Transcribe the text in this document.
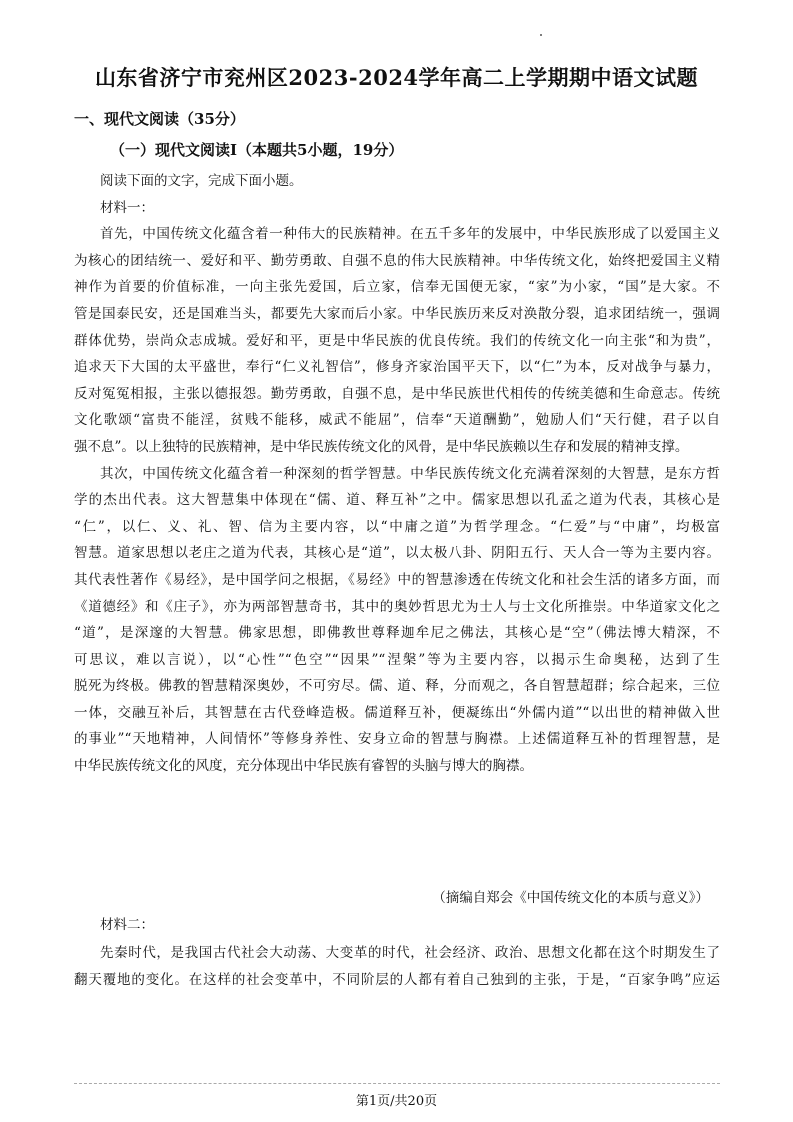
山东省济宁市兖州区2023-2024学年高二上学期期中语文试题
一、现代文阅读（35分）
（一）现代文阅读Ⅰ（本题共5小题，19分）
阅读下面的文字，完成下面小题。
材料一：
首先，中国传统文化蕴含着一种伟大的民族精神。在五千多年的发展中，中华民族形成了以爱国主义
为核心的团结统一、爱好和平、勤劳勇敢、自强不息的伟大民族精神。中华传统文化，始终把爱国主义精
神作为首要的价值标准，一向主张先爱国，后立家，信奉无国便无家，“家”为小家，“国”是大家。不
管是国泰民安，还是国难当头，都要先大家而后小家。中华民族历来反对涣散分裂，追求团结统一，强调
群体优势，崇尚众志成城。爱好和平，更是中华民族的优良传统。我们的传统文化一向主张“和为贵”，
追求天下大国的太平盛世，奉行“仁义礼智信”，修身齐家治国平天下，以“仁”为本，反对战争与暴力，
反对冤冤相报，主张以德报怨。勤劳勇敢，自强不息，是中华民族世代相传的传统美德和生命意志。传统
文化歌颂“富贵不能淫，贫贱不能移，威武不能屈”，信奉“天道酬勤”，勉励人们“天行健，君子以自
强不息”。以上独特的民族精神，是中华民族传统文化的风骨，是中华民族赖以生存和发展的精神支撑。
其次，中国传统文化蕴含着一种深刻的哲学智慧。中华民族传统文化充满着深刻的大智慧，是东方哲
学的杰出代表。这大智慧集中体现在“儒、道、释互补”之中。儒家思想以孔孟之道为代表，其核心是
“仁”，以仁、义、礼、智、信为主要内容，以“中庸之道”为哲学理念。“仁爱”与“中庸”，均极富
智慧。道家思想以老庄之道为代表，其核心是“道”，以太极八卦、阴阳五行、天人合一等为主要内容。
其代表性著作《易经》，是中国学问之根据，《易经》中的智慧渗透在传统文化和社会生活的诸多方面，而
《道德经》和《庄子》，亦为两部智慧奇书，其中的奥妙哲思尤为士人与士文化所推崇。中华道家文化之
“道”，是深邃的大智慧。佛家思想，即佛教世尊释迦牟尼之佛法，其核心是“空”（佛法博大精深，不
可思议，难以言说），以“心性”“色空”“因果”“涅槃”等为主要内容，以揭示生命奥秘，达到了生
脱死为终极。佛教的智慧精深奥妙，不可穷尽。儒、道、释，分而观之，各自智慧超群；综合起来，三位
一体，交融互补后，其智慧在古代登峰造极。儒道释互补，便凝练出“外儒内道”“以出世的精神做入世
的事业”“天地精神，人间情怀”等修身养性、安身立命的智慧与胸襟。上述儒道释互补的哲理智慧，是
中华民族传统文化的风度，充分体现出中华民族有睿智的头脑与博大的胸襟。
（摘编自郑会《中国传统文化的本质与意义》）
材料二：
先秦时代，是我国古代社会大动荡、大变革的时代，社会经济、政治、思想文化都在这个时期发生了
翻天覆地的变化。在这样的社会变革中，不同阶层的人都有着自己独到的主张，于是，“百家争鸣”应运
第1页/共20页
